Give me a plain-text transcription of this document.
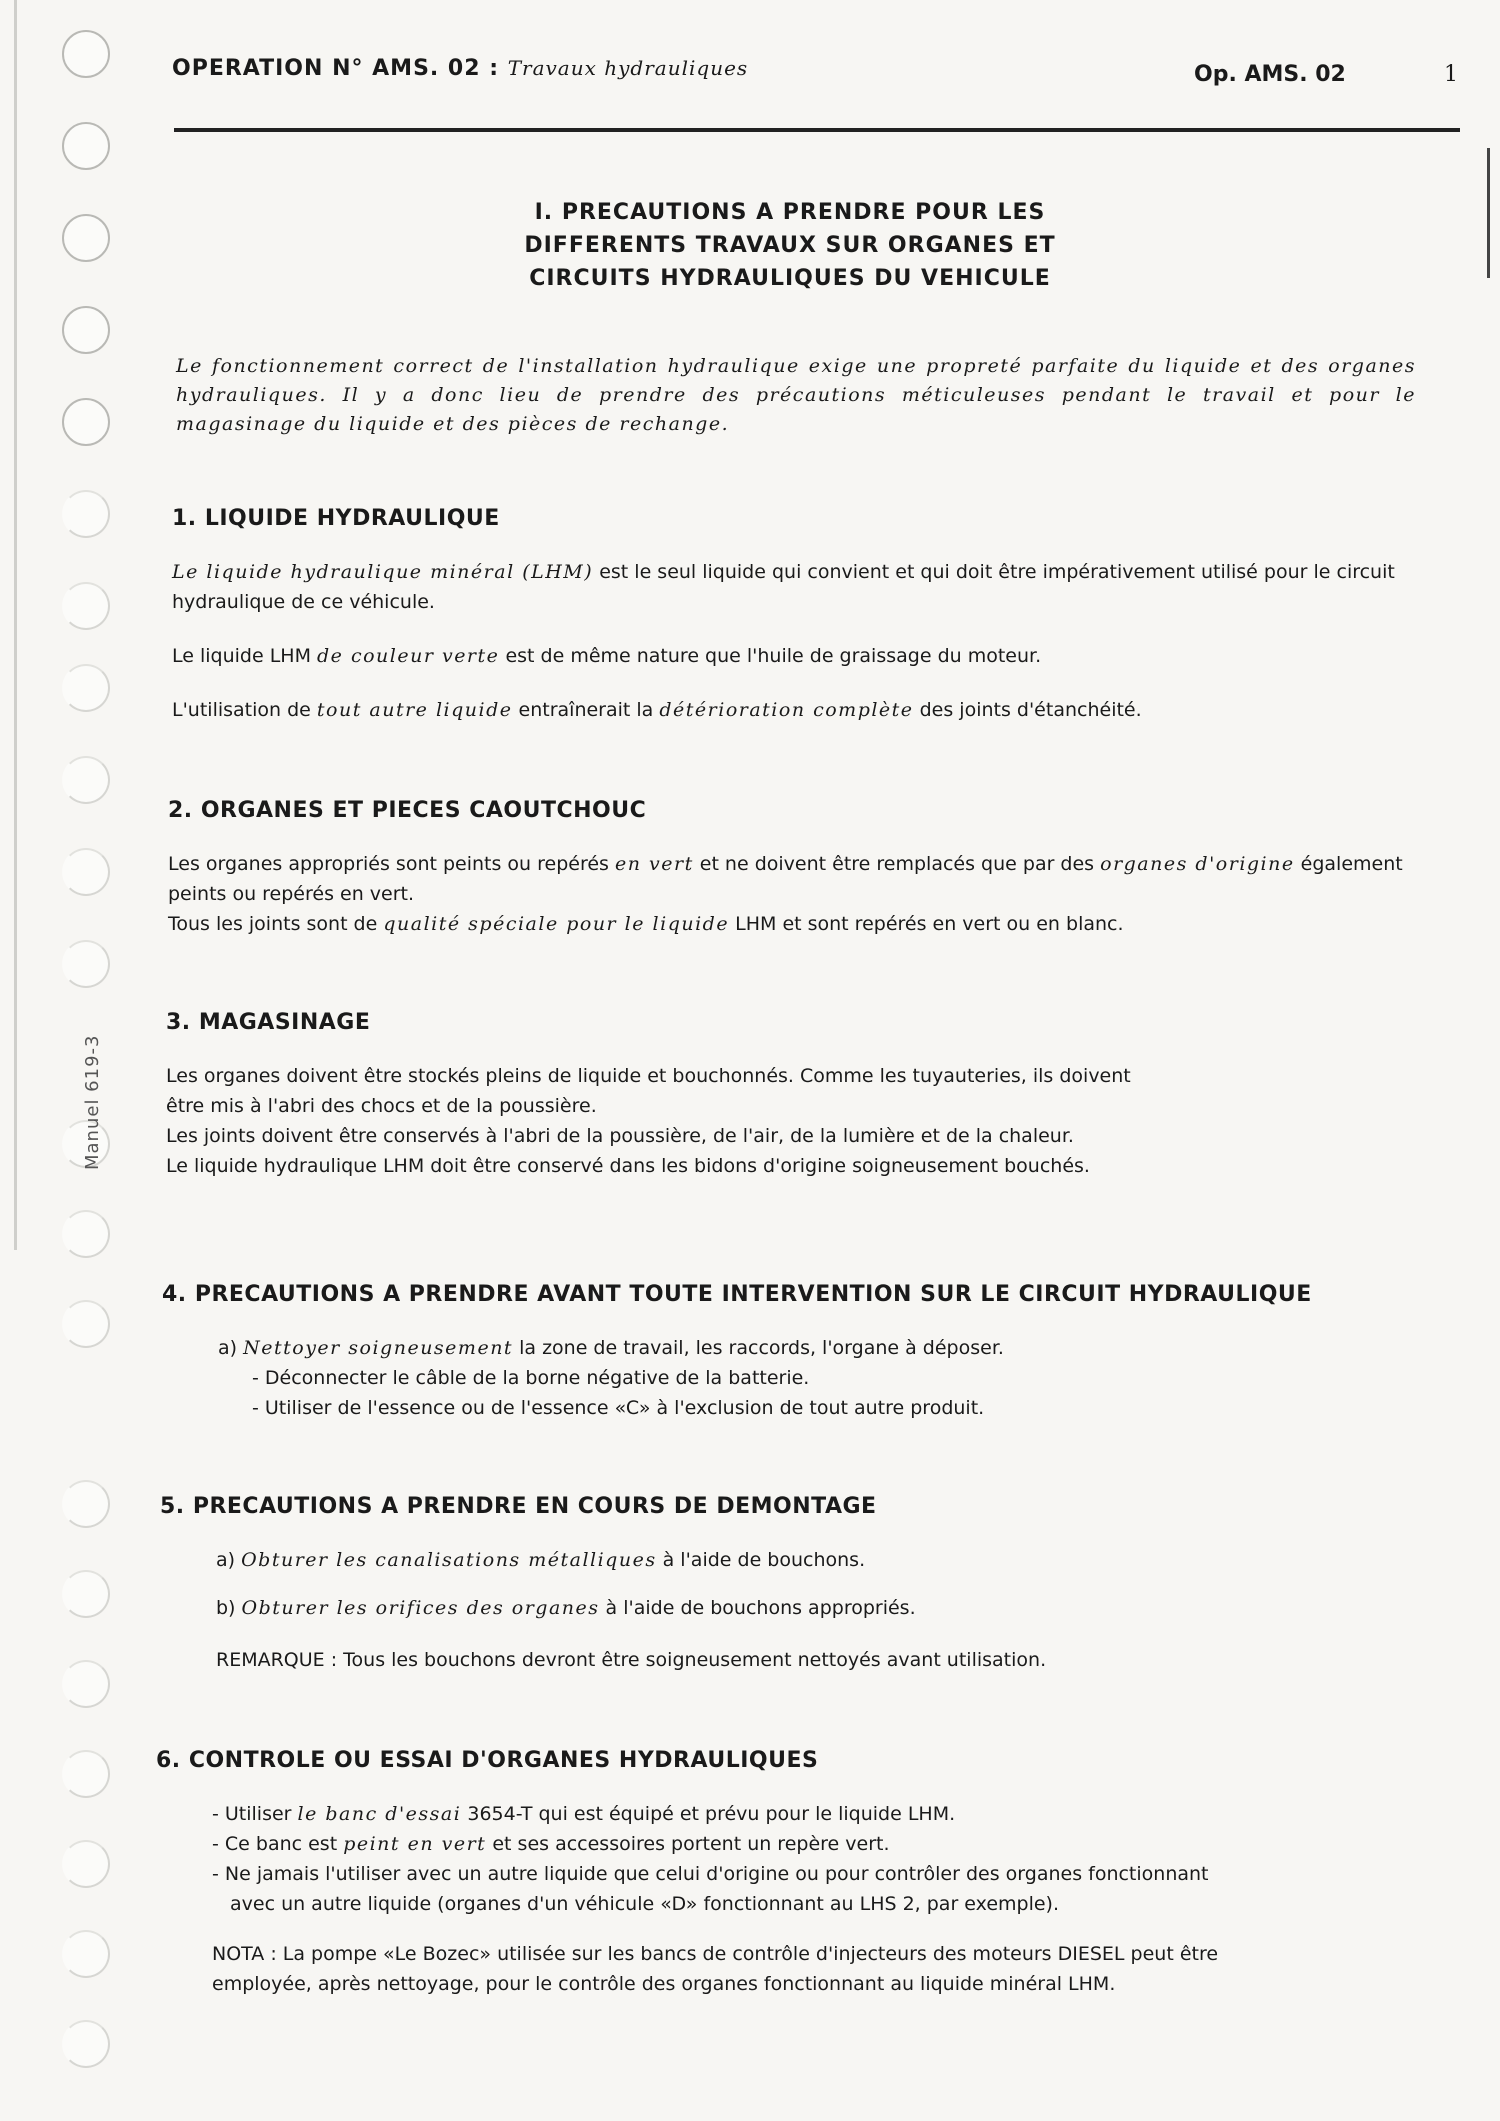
Manuel 619-3
OPERATION N° AMS. 02 : Travaux hydrauliques	Op. AMS. 02	1
I. PRECAUTIONS A PRENDRE POUR LES
DIFFERENTS TRAVAUX SUR ORGANES ET
CIRCUITS HYDRAULIQUES DU VEHICULE
Le fonctionnement correct de l'installation hydraulique exige une propreté parfaite du liquide et des organes hydrauliques. Il y a donc lieu de prendre des précautions méticuleuses pendant le travail et pour le magasinage du liquide et des pièces de rechange.
1. LIQUIDE HYDRAULIQUE

Le liquide hydraulique minéral (LHM) est le seul liquide qui convient et qui doit être impérativement utilisé pour le circuit hydraulique de ce véhicule.

Le liquide LHM de couleur verte est de même nature que l'huile de graissage du moteur.

L'utilisation de tout autre liquide entraînerait la détérioration complète des joints d'étanchéité.

2. ORGANES ET PIECES CAOUTCHOUC

Les organes appropriés sont peints ou repérés en vert et ne doivent être remplacés que par des organes d'origine également peints ou repérés en vert.

Tous les joints sont de qualité spéciale pour le liquide LHM et sont repérés en vert ou en blanc.

3. MAGASINAGE

Les organes doivent être stockés pleins de liquide et bouchonnés. Comme les tuyauteries, ils doivent

être mis à l'abri des chocs et de la poussière.

Les joints doivent être conservés à l'abri de la poussière, de l'air, de la lumière et de la chaleur.

Le liquide hydraulique LHM doit être conservé dans les bidons d'origine soigneusement bouchés.

4. PRECAUTIONS A PRENDRE AVANT TOUTE INTERVENTION SUR LE CIRCUIT HYDRAULIQUE

a) Nettoyer soigneusement la zone de travail, les raccords, l'organe à déposer.

- Déconnecter le câble de la borne négative de la batterie.

- Utiliser de l'essence ou de l'essence «C» à l'exclusion de tout autre produit.

5. PRECAUTIONS A PRENDRE EN COURS DE DEMONTAGE

a) Obturer les canalisations métalliques à l'aide de bouchons.

b) Obturer les orifices des organes à l'aide de bouchons appropriés.

REMARQUE : Tous les bouchons devront être soigneusement nettoyés avant utilisation.

6. CONTROLE OU ESSAI D'ORGANES HYDRAULIQUES

- Utiliser le banc d'essai 3654-T qui est équipé et prévu pour le liquide LHM.

- Ce banc est peint en vert et ses accessoires portent un repère vert.

- Ne jamais l'utiliser avec un autre liquide que celui d'origine ou pour contrôler des organes fonctionnant

avec un autre liquide (organes d'un véhicule «D» fonctionnant au LHS 2, par exemple).

NOTA : La pompe «Le Bozec» utilisée sur les bancs de contrôle d'injecteurs des moteurs DIESEL peut être

employée, après nettoyage, pour le contrôle des organes fonctionnant au liquide minéral LHM.
